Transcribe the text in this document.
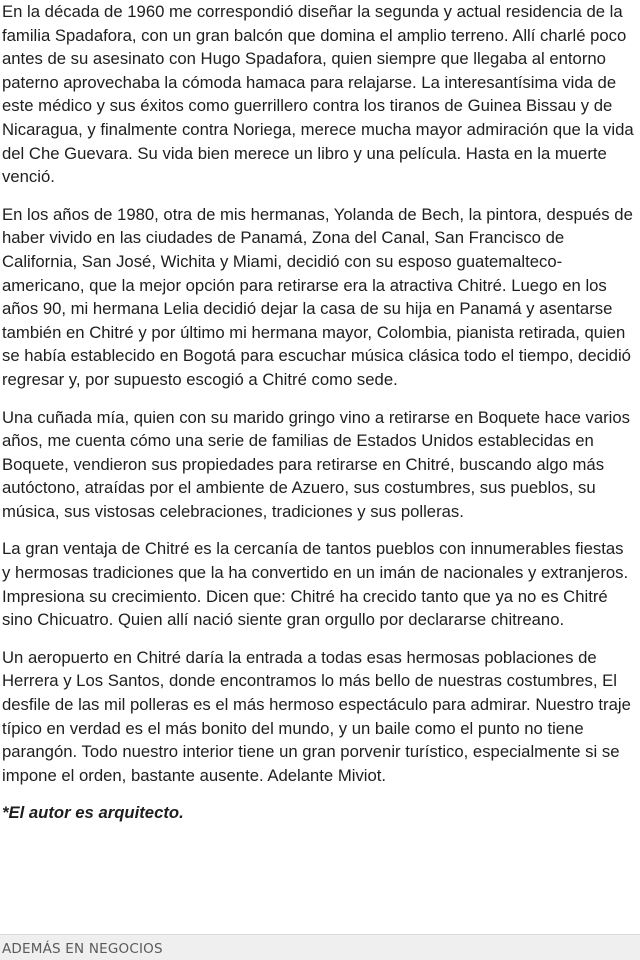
En la década de 1960 me correspondió diseñar la segunda y actual residencia de la familia Spadafora, con un gran balcón que domina el amplio terreno. Allí charlé poco antes de su asesinato con Hugo Spadafora, quien siempre que llegaba al entorno paterno aprovechaba la cómoda hamaca para relajarse. La interesantísima vida de este médico y sus éxitos como guerrillero contra los tiranos de Guinea Bissau y de Nicaragua, y finalmente contra Noriega, merece mucha mayor admiración que la vida del Che Guevara. Su vida bien merece un libro y una película. Hasta en la muerte venció.

En los años de 1980, otra de mis hermanas, Yolanda de Bech, la pintora, después de haber vivido en las ciudades de Panamá, Zona del Canal, San Francisco de California, San José, Wichita y Miami, decidió con su esposo guatemalteco-americano, que la mejor opción para retirarse era la atractiva Chitré. Luego en los años 90, mi hermana Lelia decidió dejar la casa de su hija en Panamá y asentarse también en Chitré y por último mi hermana mayor, Colombia, pianista retirada, quien se había establecido en Bogotá para escuchar música clásica todo el tiempo, decidió regresar y, por supuesto escogió a Chitré como sede.

Una cuñada mía, quien con su marido gringo vino a retirarse en Boquete hace varios años, me cuenta cómo una serie de familias de Estados Unidos establecidas en Boquete, vendieron sus propiedades para retirarse en Chitré, buscando algo más autóctono, atraídas por el ambiente de Azuero, sus costumbres, sus pueblos, su música, sus vistosas celebraciones, tradiciones y sus polleras.

La gran ventaja de Chitré es la cercanía de tantos pueblos con innumerables fiestas y hermosas tradiciones que la ha convertido en un imán de nacionales y extranjeros. Impresiona su crecimiento. Dicen que: Chitré ha crecido tanto que ya no es Chitré sino Chicuatro. Quien allí nació siente gran orgullo por declararse chitreano.

Un aeropuerto en Chitré daría la entrada a todas esas hermosas poblaciones de Herrera y Los Santos, donde encontramos lo más bello de nuestras costumbres, El desfile de las mil polleras es el más hermoso espectáculo para admirar. Nuestro traje típico en verdad es el más bonito del mundo, y un baile como el punto no tiene parangón. Todo nuestro interior tiene un gran porvenir turístico, especialmente si se impone el orden, bastante ausente. Adelante Miviot.

*El autor es arquitecto.

ADEMÁS EN NEGOCIOS
